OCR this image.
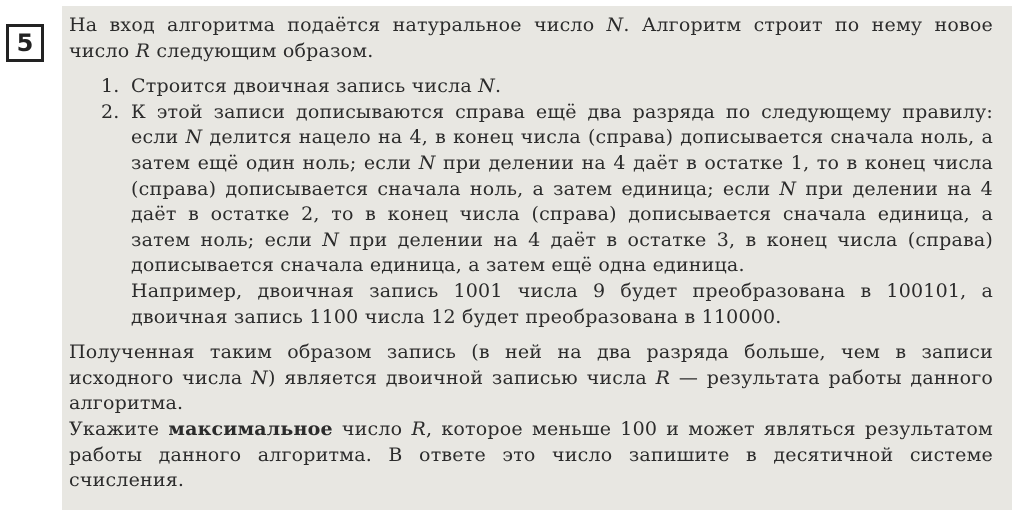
5

На вход алгоритма подаётся натуральное число N. Алгоритм строит по нему новое число R следующим образом.

1. Строится двоичная запись числа N.

2. К этой записи дописываются справа ещё два разряда по следующему правилу: если N делится нацело на 4, в конец числа (справа) дописывается сначала ноль, а затем ещё один ноль; если N при делении на 4 даёт в остатке 1, то в конец числа (справа) дописывается сначала ноль, а затем единица; если N при делении на 4 даёт в остатке 2, то в конец числа (справа) дописывается сначала единица, а затем ноль; если N при делении на 4 даёт в остатке 3, в конец числа (справа) дописывается сначала единица, а затем ещё одна единица.

Например, двоичная запись 1001 числа 9 будет преобразована в 100101, а двоичная запись 1100 числа 12 будет преобразована в 110000.

Полученная таким образом запись (в ней на два разряда больше, чем в записи исходного числа N) является двоичной записью числа R — результата работы данного алгоритма.

Укажите максимальное число R, которое меньше 100 и может являться результатом работы данного алгоритма. В ответе это число запишите в десятичной системе счисления.
